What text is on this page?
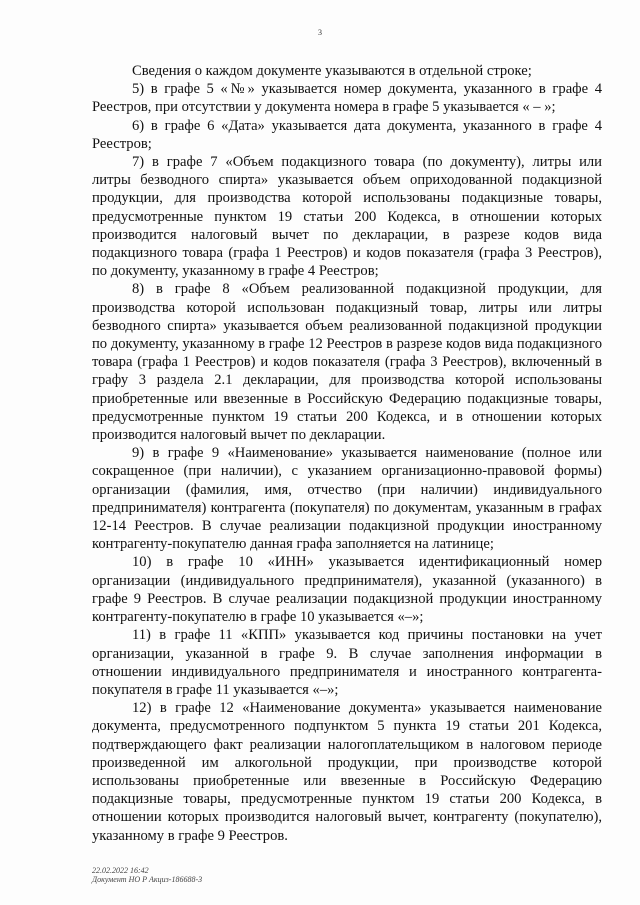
3

Сведения о каждом документе указываются в отдельной строке;

5) в графе 5 «№» указывается номер документа, указанного в графе 4 Реестров, при отсутствии у документа номера в графе 5 указывается « – »;

6) в графе 6 «Дата» указывается дата документа, указанного в графе 4 Реестров;

7) в графе 7 «Объем подакцизного товара (по документу), литры или литры безводного спирта» указывается объем оприходованной подакцизной продукции, для производства которой использованы подакцизные товары, предусмотренные пунктом 19 статьи 200 Кодекса, в отношении которых производится налоговый вычет по декларации, в разрезе кодов вида подакцизного товара (графа 1 Реестров) и кодов показателя (графа 3 Реестров), по документу, указанному в графе 4 Реестров;

8) в графе 8 «Объем реализованной подакцизной продукции, для производства которой использован подакцизный товар, литры или литры безводного спирта» указывается объем реализованной подакцизной продукции по документу, указанному в графе 12 Реестров в разрезе кодов вида подакцизного товара (графа 1 Реестров) и кодов показателя (графа 3 Реестров), включенный в графу 3 раздела 2.1 декларации, для производства которой использованы приобретенные или ввезенные в Российскую Федерацию подакцизные товары, предусмотренные пунктом 19 статьи 200 Кодекса, и в отношении которых производится налоговый вычет по декларации.

9) в графе 9 «Наименование» указывается наименование (полное или сокращенное (при наличии), с указанием организационно-правовой формы) организации (фамилия, имя, отчество (при наличии) индивидуального предпринимателя) контрагента (покупателя) по документам, указанным в графах 12-14 Реестров. В случае реализации подакцизной продукции иностранному контрагенту-покупателю данная графа заполняется на латинице;

10) в графе 10 «ИНН» указывается идентификационный номер организации (индивидуального предпринимателя), указанной (указанного) в графе 9 Реестров. В случае реализации подакцизной продукции иностранному контрагенту-покупателю в графе 10 указывается «–»;

11) в графе 11 «КПП» указывается код причины постановки на учет организации, указанной в графе 9. В случае заполнения информации в отношении индивидуального предпринимателя и иностранного контрагента-покупателя в графе 11 указывается «–»;

12) в графе 12 «Наименование документа» указывается наименование документа, предусмотренного подпунктом 5 пункта 19 статьи 201 Кодекса, подтверждающего факт реализации налогоплательщиком в налоговом периоде произведенной им алкогольной продукции, при производстве которой использованы приобретенные или ввезенные в Российскую Федерацию подакцизные товары, предусмотренные пунктом 19 статьи 200 Кодекса, в отношении которых производится налоговый вычет, контрагенту (покупателю), указанному в графе 9 Реестров.

22.02.2022 16:42
Документ НО Р Акциз-186688-3
